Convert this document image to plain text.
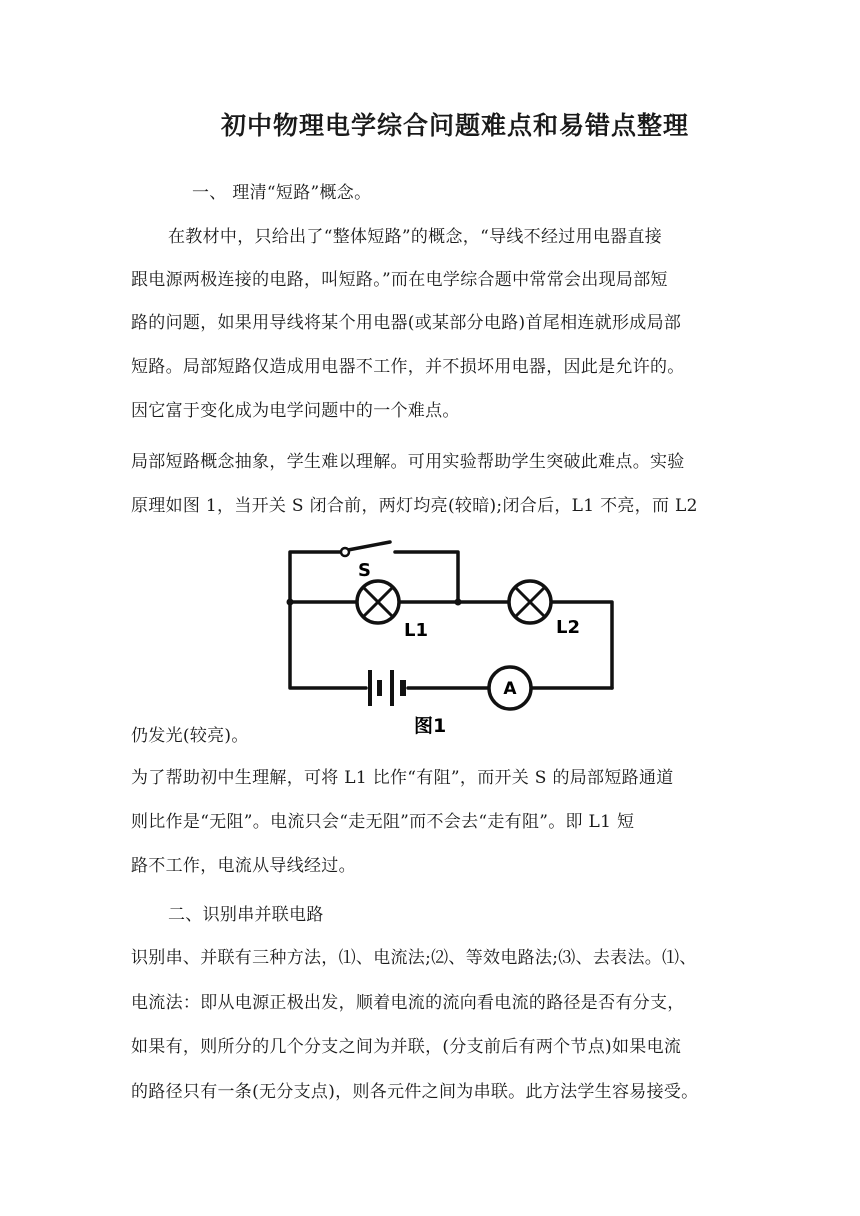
初中物理电学综合问题难点和易错点整理
一、 理清“短路”概念。
在教材中，只给出了“整体短路”的概念，“导线不经过用电器直接
跟电源两极连接的电路，叫短路。”而在电学综合题中常常会出现局部短
路的问题，如果用导线将某个用电器(或某部分电路)首尾相连就形成局部
短路。局部短路仅造成用电器不工作，并不损坏用电器，因此是允许的。
因它富于变化成为电学问题中的一个难点。
局部短路概念抽象，学生难以理解。可用实验帮助学生突破此难点。实验
原理如图 1，当开关 S 闭合前，两灯均亮(较暗);闭合后，L1 不亮，而 L2
A
S
L1	L2
图1
仍发光(较亮)。
为了帮助初中生理解，可将 L1 比作“有阻”，而开关 S 的局部短路通道
则比作是“无阻”。电流只会“走无阻”而不会去“走有阻”。即 L1 短
路不工作，电流从导线经过。
二、识别串并联电路
识别串、并联有三种方法，⑴、电流法;⑵、等效电路法;⑶、去表法。⑴、
电流法：即从电源正极出发，顺着电流的流向看电流的路径是否有分支，
如果有，则所分的几个分支之间为并联，(分支前后有两个节点)如果电流
的路径只有一条(无分支点)，则各元件之间为串联。此方法学生容易接受。
